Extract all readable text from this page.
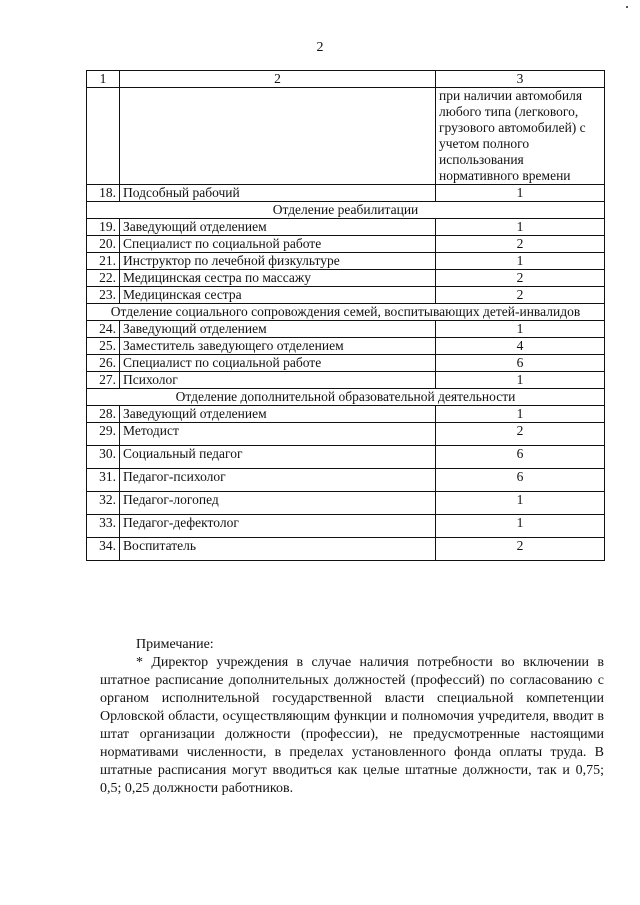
2
1	2	3
		при наличии автомобиля любого типа (легкового, грузового автомобилей) с учетом полного использования нормативного времени
18.	Подсобный рабочий	1
Отделение реабилитации		
19.	Заведующий отделением	1
20.	Специалист по социальной работе	2
21.	Инструктор по лечебной физкультуре	1
22.	Медицинская сестра по массажу	2
23.	Медицинская сестра	2
Отделение социального сопровождения семей, воспитывающих детей-инвалидов		
24.	Заведующий отделением	1
25.	Заместитель заведующего отделением	4
26.	Специалист по социальной работе	6
27.	Психолог	1
Отделение дополнительной образовательной деятельности		
28.	Заведующий отделением	1
29.	Методист	2
30.	Социальный педагог	6
31.	Педагог-психолог	6
32.	Педагог-логопед	1
33.	Педагог-дефектолог	1
34.	Воспитатель	2
Примечание:
* Директор учреждения в случае наличия потребности во включении в штатное расписание дополнительных должностей (профессий) по согласованию с органом исполнительной государственной власти специальной компетенции Орловской области, осуществляющим функции и полномочия учредителя, вводит в штат организации должности (профессии), не предусмотренные настоящими нормативами численности, в пределах установленного фонда оплаты труда. В штатные расписания могут вводиться как целые штатные должности, так и 0,75; 0,5; 0,25 должности работников.
